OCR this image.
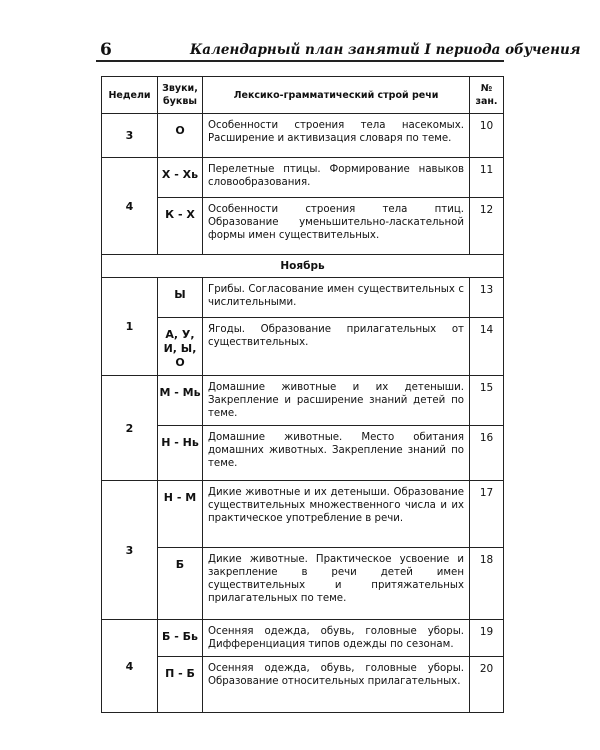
6	Календарный план занятий I периода обучения
Недели	Звуки, буквы	Лексико-грамматический строй речи	№ зан.
3	О	Особенности строения тела насекомых. Расширение и активизация словаря по теме.	10
4	Х - Хь	Перелетные птицы. Формирование навыков словообразования.	11
	К - Х	Особенности строения тела птиц. Образование уменьшительно-ласкательной формы имен существительных.	12
Ноябрь			
1	Ы	Грибы. Согласование имен существительных с числительными.	13
	А, У, И, Ы, О	Ягоды. Образование прилагательных от существительных.	14
2	М - Мь	Домашние животные и их детеныши. Закрепление и расширение знаний детей по теме.	15
	Н - Нь	Домашние животные. Место обитания домашних животных. Закрепление знаний по теме.	16
3	Н - М	Дикие животные и их детеныши. Образование существительных множественного числа и их практическое употребление в речи.	17
	Б	Дикие животные. Практическое усвоение и закрепление в речи детей имен существительных и притяжательных прилагательных по теме.	18
4	Б - Бь	Осенняя одежда, обувь, головные уборы. Дифференциация типов одежды по сезонам.	19
	П - Б	Осенняя одежда, обувь, головные уборы. Образование относительных прилагательных.	20
